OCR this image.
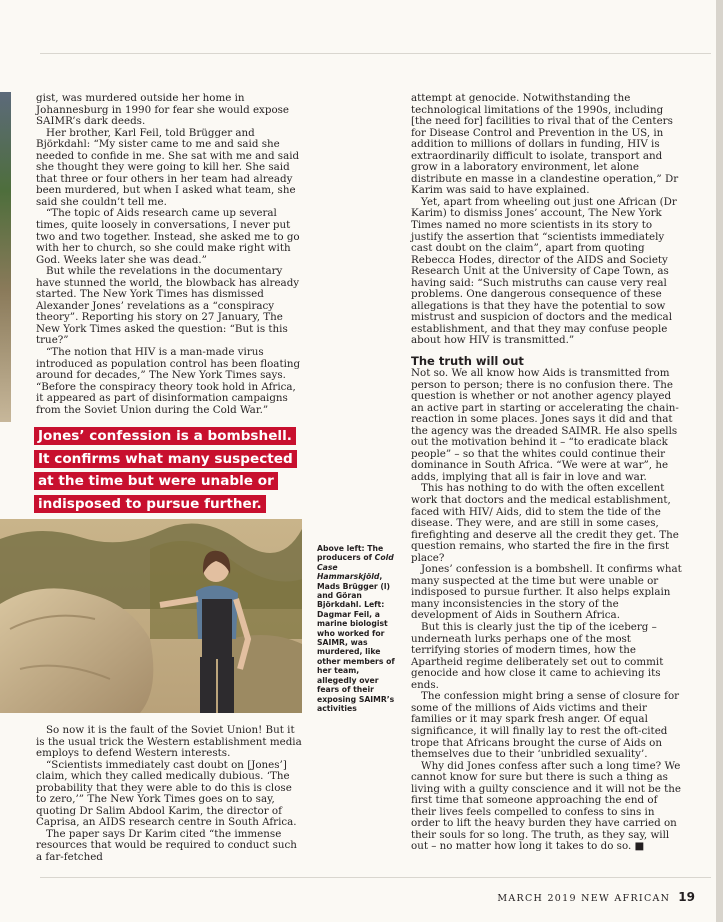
gist, was murdered outside her home in Johannesburg in 1990 for fear she would expose SAIMR’s dark deeds.

Her brother, Karl Feil, told Brügger and Björkdahl: “My sister came to me and said she needed to confide in me. She sat with me and said she thought they were going to kill her. She said that three or four others in her team had already been murdered, but when I asked what team, she said she couldn’t tell me.

“The topic of Aids research came up several times, quite loosely in conversations, I never put two and two together. Instead, she asked me to go with her to church, so she could make right with God. Weeks later she was dead.”

But while the revelations in the documentary have stunned the world, the blowback has already started. The New York Times has dismissed Alexander Jones’ revelations as a “conspiracy theory”. Reporting his story on 27 January, The New York Times asked the question: “But is this true?”

“The notion that HIV is a man-made virus introduced as population control has been floating around for decades,” The New York Times says. “Before the conspiracy theory took hold in Africa, it appeared as part of disinformation campaigns from the Soviet Union during the Cold War.”

Jones’ confession is a bombshell. It confirms what many suspected at the time but were unable or indisposed to pursue further.
Above left: The producers of Cold Case Hammarskjöld, Mads Brügger (l) and Göran Björkdahl. Left: Dagmar Feil, a marine biologist who worked for SAIMR, was murdered, like other members of her team, allegedly over fears of their exposing SAIMR’s activities

So now it is the fault of the Soviet Union! But it is the usual trick the Western establishment media employs to defend Western interests.

“Scientists immediately cast doubt on [Jones’] claim, which they called medically dubious. ‘The probability that they were able to do this is close to zero,’” The New York Times goes on to say, quoting Dr Salim Abdool Karim, the director of Caprisa, an AIDS research centre in South Africa.

The paper says Dr Karim cited “the immense resources that would be required to conduct such a far-fetched

attempt at genocide. Notwithstanding the technological limitations of the 1990s, including [the need for] facilities to rival that of the Centers for Disease Control and Prevention in the US, in addition to millions of dollars in funding, HIV is extraordinarily difficult to isolate, transport and grow in a laboratory environment, let alone distribute en masse in a clandestine operation,” Dr Karim was said to have explained.

Yet, apart from wheeling out just one African (Dr Karim) to dismiss Jones’ account, The New York Times named no more scientists in its story to justify the assertion that “scientists immediately cast doubt on the claim”, apart from quoting Rebecca Hodes, director of the AIDS and Society Research Unit at the University of Cape Town, as having said: “Such mistruths can cause very real problems. One dangerous consequence of these allegations is that they have the potential to sow mistrust and suspicion of doctors and the medical establishment, and that they may confuse people about how HIV is transmitted.”

The truth will out

Not so. We all know how Aids is transmitted from person to person; there is no confusion there. The question is whether or not another agency played an active part in starting or accelerating the chain-reaction in some places. Jones says it did and that the agency was the dreaded SAIMR. He also spells out the motivation behind it – “to eradicate black people” – so that the whites could continue their dominance in South Africa. “We were at war”, he adds, implying that all is fair in love and war.

This has nothing to do with the often excellent work that doctors and the medical establishment, faced with HIV/ Aids, did to stem the tide of the disease. They were, and are still in some cases, firefighting and deserve all the credit they get. The question remains, who started the fire in the first place?

Jones’ confession is a bombshell. It confirms what many suspected at the time but were unable or indisposed to pursue further. It also helps explain many inconsistencies in the story of the development of Aids in Southern Africa.

But this is clearly just the tip of the iceberg – underneath lurks perhaps one of the most terrifying stories of modern times, how the Apartheid regime deliberately set out to commit genocide and how close it came to achieving its ends.

The confession might bring a sense of closure for some of the millions of Aids victims and their families or it may spark fresh anger. Of equal significance, it will finally lay to rest the oft-cited trope that Africans brought the curse of Aids on themselves due to their ‘unbridled sexuality’.

Why did Jones confess after such a long time? We cannot know for sure but there is such a thing as living with a guilty conscience and it will not be the first time that someone approaching the end of their lives feels compelled to confess to sins in order to lift the heavy burden they have carried on their souls for so long. The truth, as they say, will out – no matter how long it takes to do so. ■

MARCH 2019 NEW AFRICAN 19
